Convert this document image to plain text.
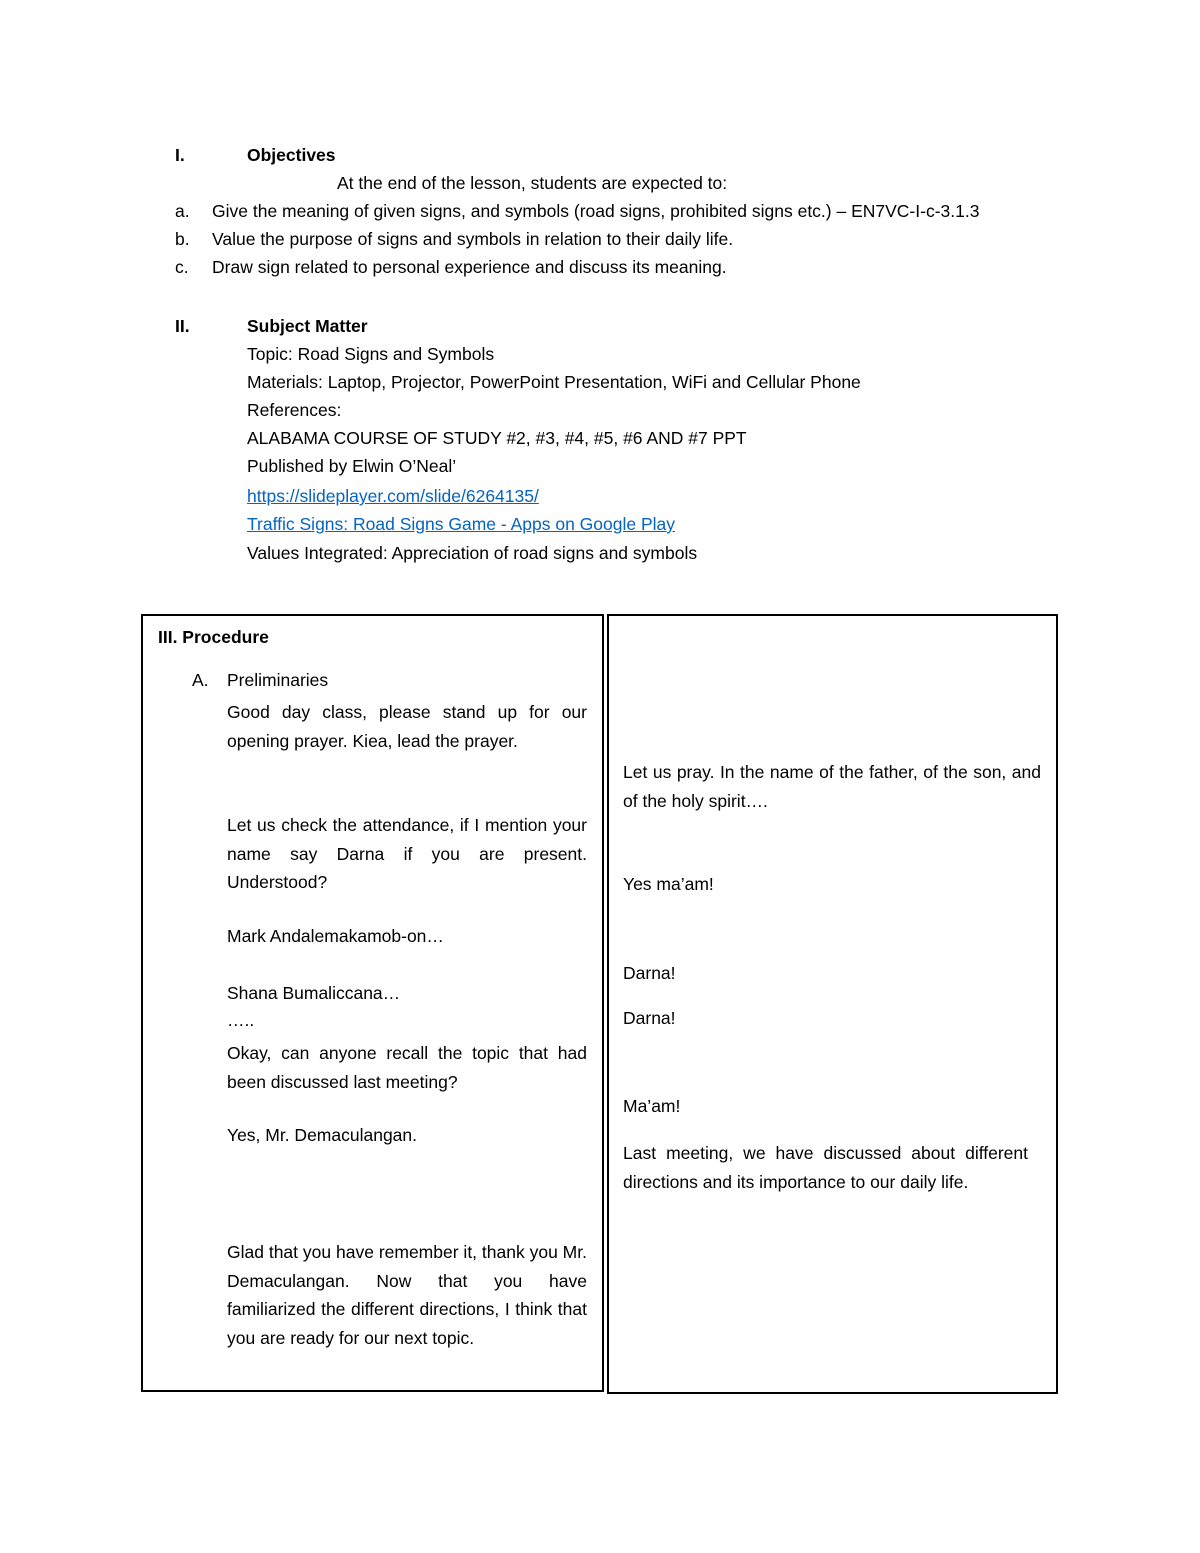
I.	Objectives
At the end of the lesson, students are expected to:
a. Give the meaning of given signs, and symbols (road signs, prohibited signs etc.) – EN7VC-I-c-3.1.3
b. Value the purpose of signs and symbols in relation to their daily life.
c. Draw sign related to personal experience and discuss its meaning.
II.	Subject Matter
Topic: Road Signs and Symbols
Materials: Laptop, Projector, PowerPoint Presentation, WiFi and Cellular Phone
References:
ALABAMA COURSE OF STUDY #2, #3, #4, #5, #6 AND #7 PPT
Published by Elwin O’Neal’
https://slideplayer.com/slide/6264135/
Traffic Signs: Road Signs Game - Apps on Google Play
Values Integrated: Appreciation of road signs and symbols
III. Procedure
A. Preliminaries
Good day class, please stand up for our opening prayer. Kiea, lead the prayer.
Let us check the attendance, if I mention your name say Darna if you are present. Understood?
Mark Andalemakamob-on…
Shana Bumaliccana…
…..
Okay, can anyone recall the topic that had been discussed last meeting?
Yes, Mr. Demaculangan.
Glad that you have remember it, thank you Mr. Demaculangan. Now that you have familiarized the different directions, I think that you are ready for our next topic.
Let us pray. In the name of the father, of the son, and of the holy spirit….
Yes ma’am!
Darna!
Darna!
Ma’am!
Last meeting, we have discussed about different directions and its importance to our daily life.
